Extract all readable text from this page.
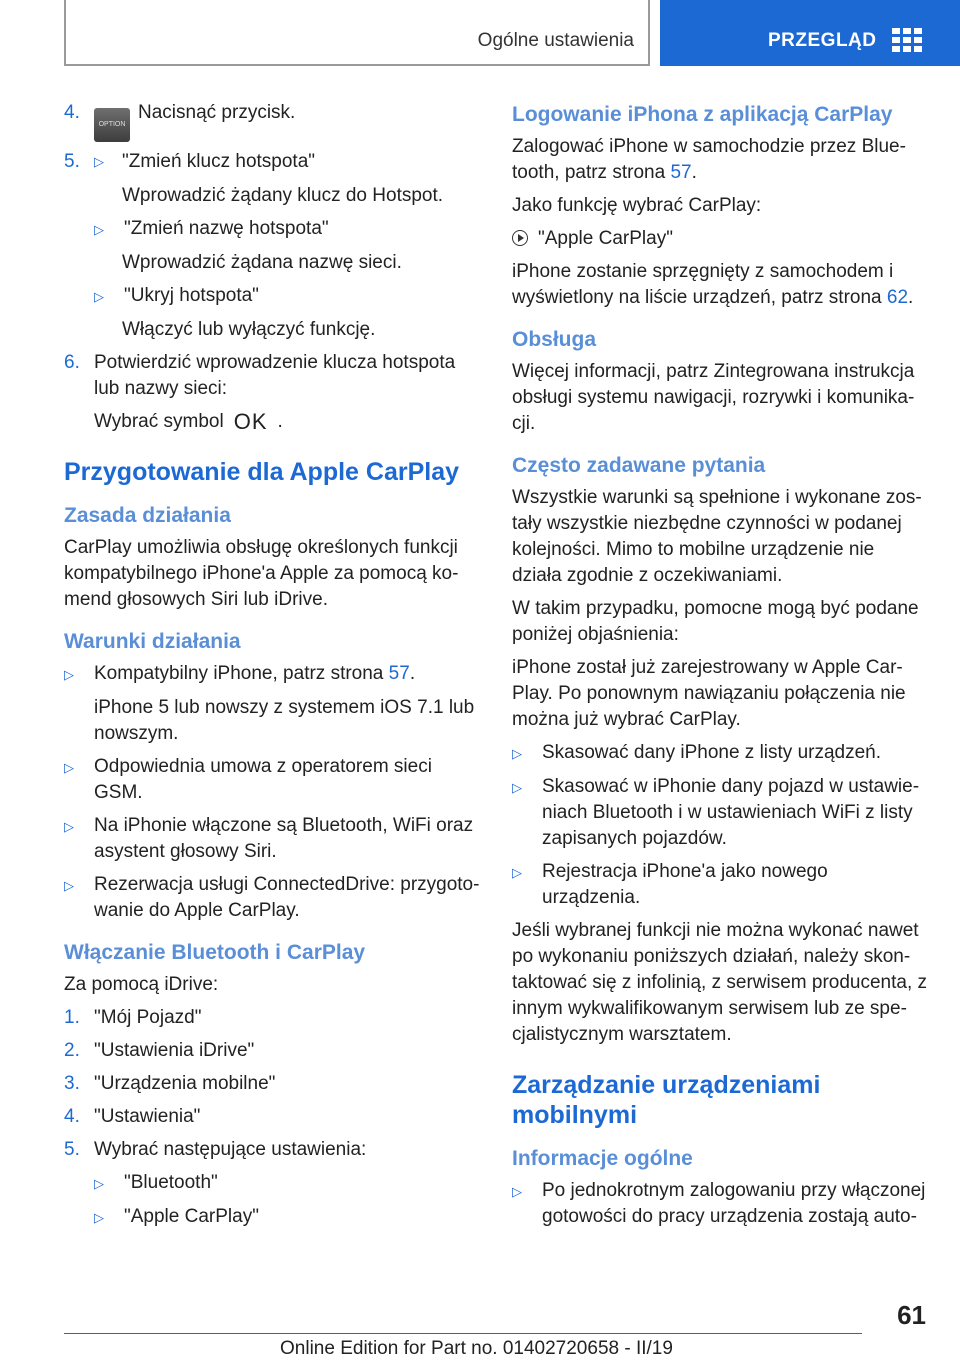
Ogólne ustawienia	PRZEGLĄD
4.
OPTIONNacisnąć przycisk.
5.	▷ "Zmień klucz hotspota"

Wprowadzić żądany klucz do Hotspot.

▷	"Zmień nazwę hotspota"

Wprowadzić żądana nazwę sieci.

▷	"Ukryj hotspota"

Włączyć lub wyłączyć funkcję.

6. Potwierdzić wprowadzenie klucza hotspota lub nazwy sieci:

Wybrać symbol OK .

Przygotowanie dla Apple CarPlay
Zasada działania

CarPlay umożliwia obsługę określonych funkcji kompatybilnego iPhone'a Apple za pomocą komend głosowych Siri lub iDrive.

Warunki działania
▷	Kompatybilny iPhone, patrz strona 57.

iPhone 5 lub nowszy z systemem iOS 7.1 lub nowszym.

▷	Odpowiednia umowa z operatorem sieci GSM.
▷	Na iPhonie włączone są Bluetooth, WiFi oraz asystent głosowy Siri.
▷	Rezerwacja usługi ConnectedDrive: przygotowanie do Apple CarPlay.
Włączanie Bluetooth i CarPlay

Za pomocą iDrive:

1. "Mój Pojazd"
2. "Ustawienia iDrive"
3. "Urządzenia mobilne"
4. "Ustawienia"
5. Wybrać następujące ustawienia:
▷	"Bluetooth"
▷	"Apple CarPlay"
Logowanie iPhona z aplikacją CarPlay

Zalogować iPhone w samochodzie przez Bluetooth, patrz strona 57.

Jako funkcję wybrać CarPlay:

"Apple CarPlay"

iPhone zostanie sprzęgnięty z samochodem i wyświetlony na liście urządzeń, patrz strona 62.

Obsługa

Więcej informacji, patrz Zintegrowana instrukcja obsługi systemu nawigacji, rozrywki i komunikacji.

Często zadawane pytania

Wszystkie warunki są spełnione i wykonane zostały wszystkie niezbędne czynności w podanej kolejności. Mimo to mobilne urządzenie nie działa zgodnie z oczekiwaniami.

W takim przypadku, pomocne mogą być podane poniżej objaśnienia:

iPhone został już zarejestrowany w Apple CarPlay. Po ponownym nawiązaniu połączenia nie można już wybrać CarPlay.

▷	Skasować dany iPhone z listy urządzeń.
▷	Skasować w iPhonie dany pojazd w ustawieniach Bluetooth i w ustawieniach WiFi z listy zapisanych pojazdów.
▷	Rejestracja iPhone'a jako nowego urządzenia.

Jeśli wybranej funkcji nie można wykonać nawet po wykonaniu poniższych działań, należy skontaktować się z infolinią, z serwisem producenta, z innym wykwalifikowanym serwisem lub ze specjalistycznym warsztatem.

Zarządzanie urządzeniami mobilnymi
Informacje ogólne
▷	Po jednokrotnym zalogowaniu przy włączonej gotowości do pracy urządzenia zostają auto-
61
Online Edition for Part no. 01402720658 - II/19
